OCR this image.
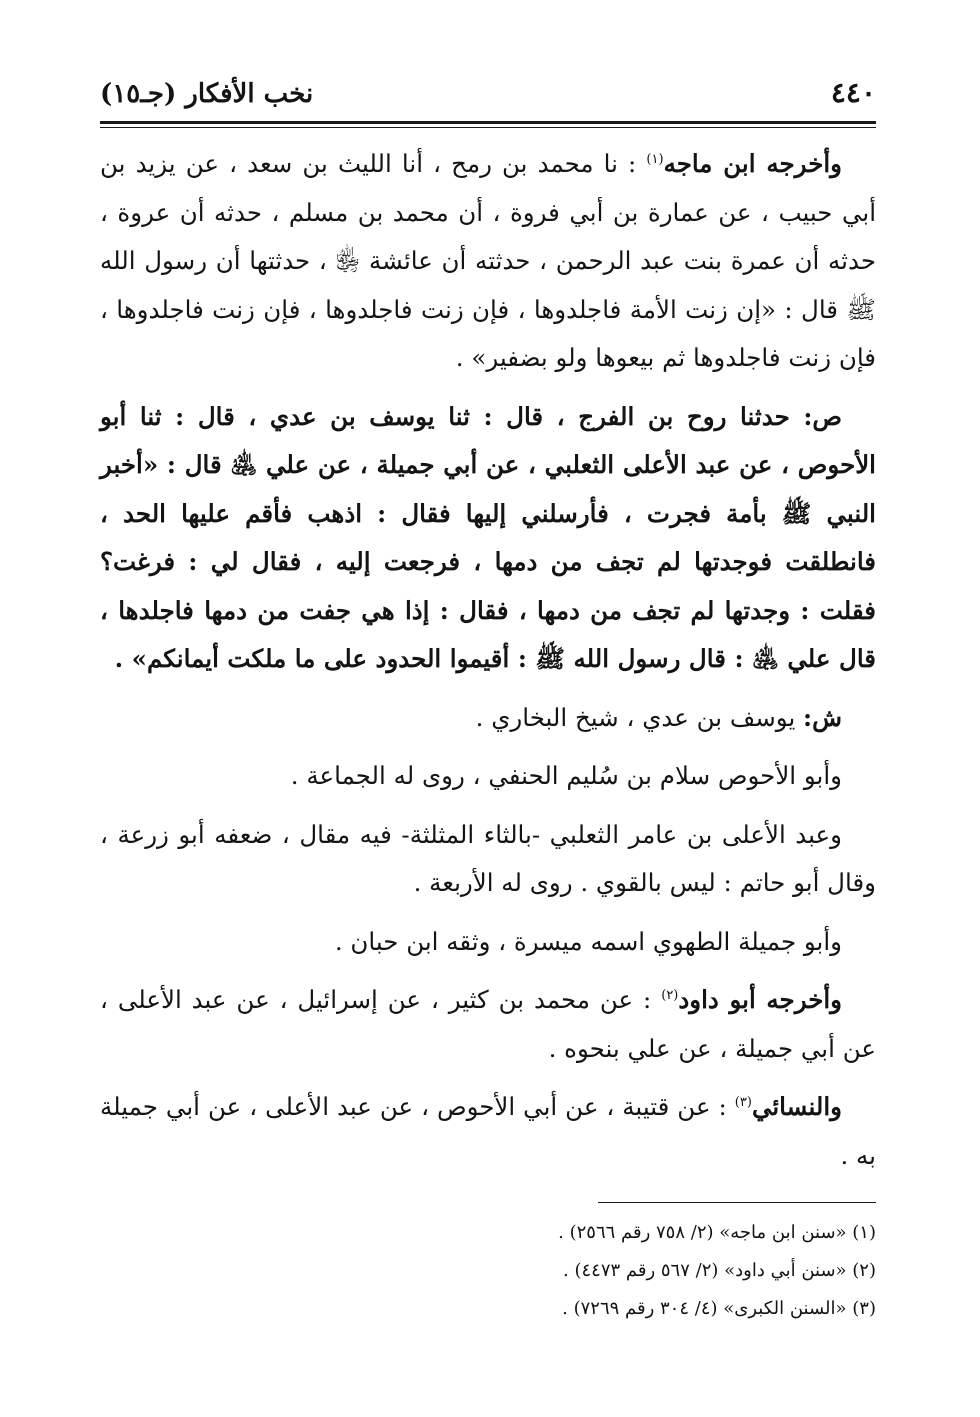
٤٤٠
نخب الأفكار (جـ١٥)

وأخرجه ابن ماجه$^{(١)}$ : نا محمد بن رمح ، أنا الليث بن سعد ، عن يزيد بن أبي حبيب ، عن عمارة بن أبي فروة ، أن محمد بن مسلم ، حدثه أن عروة ، حدثه أن عمرة بنت عبد الرحمن ، حدثته أن عائشة ﵂ ، حدثتها أن رسول الله ﷺ قال : «إن زنت الأمة فاجلدوها ، فإن زنت فاجلدوها ، فإن زنت فاجلدوها ، فإن زنت فاجلدوها ثم بيعوها ولو بضفير» .

ص: حدثنا روح بن الفرج ، قال : ثنا يوسف بن عدي ، قال : ثنا أبو الأحوص ، عن عبد الأعلى الثعلبي ، عن أبي جميلة ، عن علي ﵁ قال : «أخبر النبي ﷺ بأمة فجرت ، فأرسلني إليها فقال : اذهب فأقم عليها الحد ، فانطلقت فوجدتها لم تجف من دمها ، فرجعت إليه ، فقال لي : فرغت؟ فقلت : وجدتها لم تجف من دمها ، فقال : إذا هي جفت من دمها فاجلدها ، قال علي ﵁ : قال رسول الله ﷺ : أقيموا الحدود على ما ملكت أيمانكم» .

ش: يوسف بن عدي ، شيخ البخاري .

وأبو الأحوص سلام بن سُليم الحنفي ، روى له الجماعة .

وعبد الأعلى بن عامر الثعلبي -بالثاء المثلثة- فيه مقال ، ضعفه أبو زرعة ، وقال أبو حاتم : ليس بالقوي . روى له الأربعة .

وأبو جميلة الطهوي اسمه ميسرة ، وثقه ابن حبان .

وأخرجه أبو داود$^{(٢)}$ : عن محمد بن كثير ، عن إسرائيل ، عن عبد الأعلى ، عن أبي جميلة ، عن علي بنحوه .

والنسائي$^{(٣)}$ : عن قتيبة ، عن أبي الأحوص ، عن عبد الأعلى ، عن أبي جميلة به .

(١) «سنن ابن ماجه» (٢/ ٧٥٨ رقم ٢٥٦٦) .

(٢) «سنن أبي داود» (٢/ ٥٦٧ رقم ٤٤٧٣) .

(٣) «السنن الكبرى» (٤/ ٣٠٤ رقم ٧٢٦٩) .
